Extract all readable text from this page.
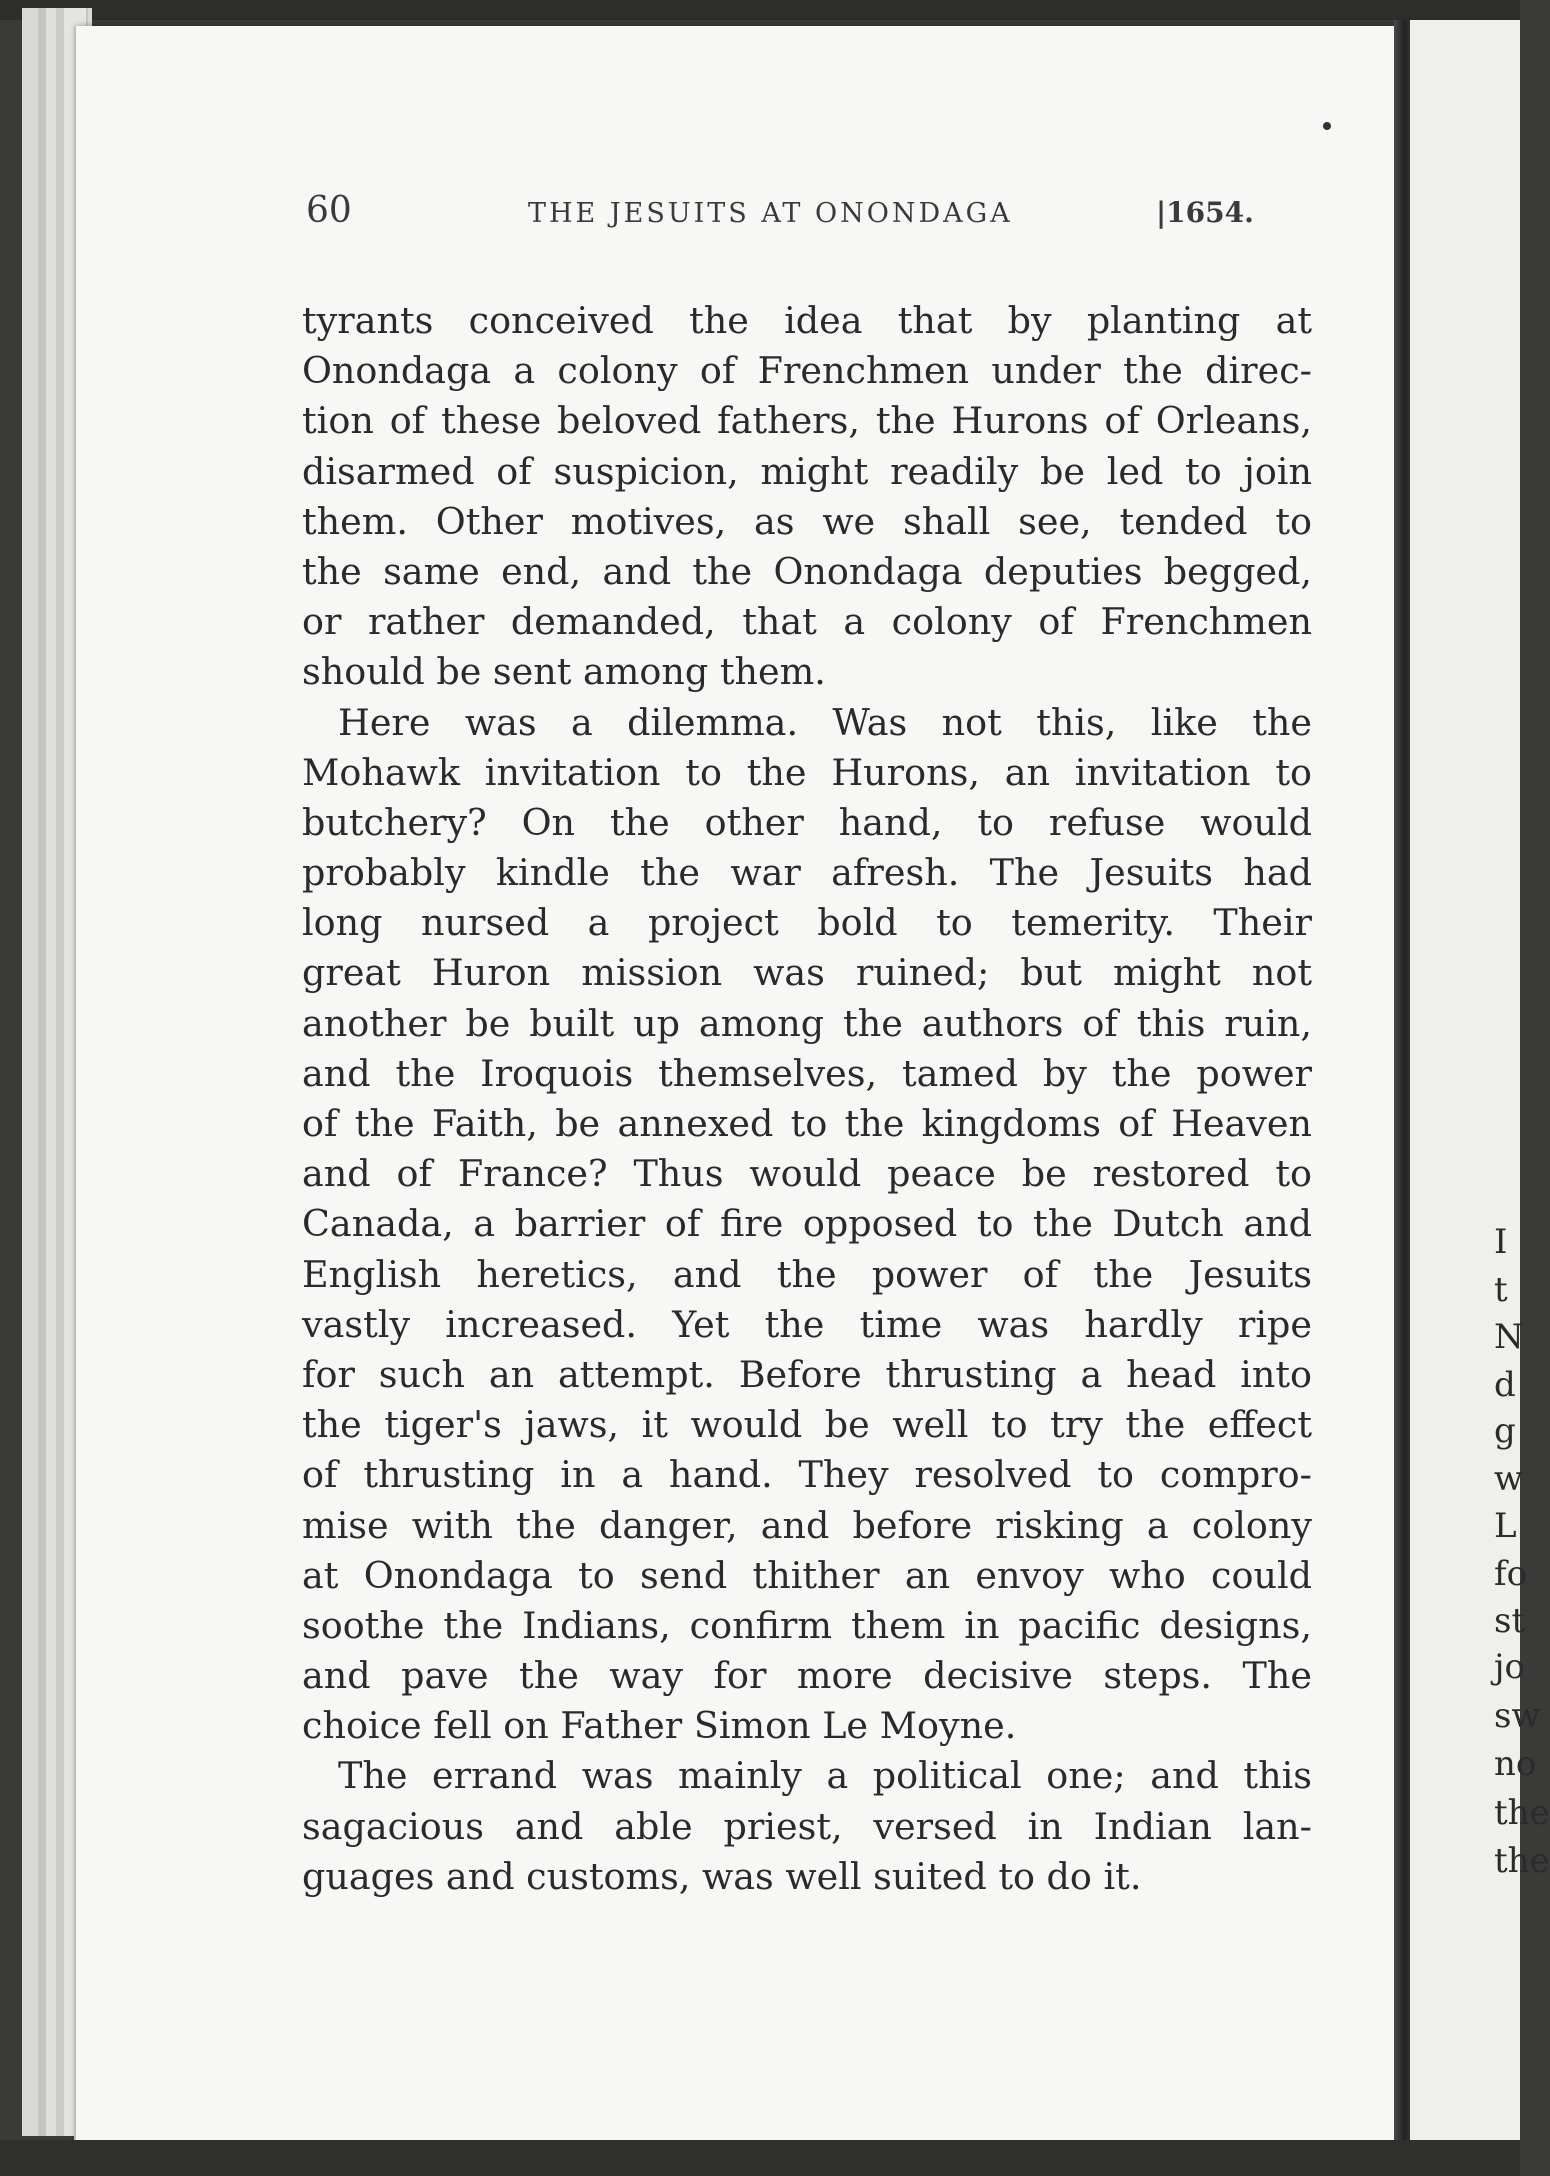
60	THE JESUITS AT ONONDAGA	|1654.
tyrants conceived the idea that by planting at
Onondaga a colony of Frenchmen under the direc-
tion of these beloved fathers, the Hurons of Orleans,
disarmed of suspicion, might readily be led to join
them. Other motives, as we shall see, tended to
the same end, and the Onondaga deputies begged,
or rather demanded, that a colony of Frenchmen
should be sent among them.
Here was a dilemma. Was not this, like the
Mohawk invitation to the Hurons, an invitation to
butchery? On the other hand, to refuse would
probably kindle the war afresh. The Jesuits had
long nursed a project bold to temerity. Their
great Huron mission was ruined; but might not
another be built up among the authors of this ruin,
and the Iroquois themselves, tamed by the power
of the Faith, be annexed to the kingdoms of Heaven
and of France? Thus would peace be restored to
Canada, a barrier of fire opposed to the Dutch and
English heretics, and the power of the Jesuits
vastly increased. Yet the time was hardly ripe
for such an attempt. Before thrusting a head into
the tiger's jaws, it would be well to try the effect
of thrusting in a hand. They resolved to compro-
mise with the danger, and before risking a colony
at Onondaga to send thither an envoy who could
soothe the Indians, confirm them in pacific designs,
and pave the way for more decisive steps. The
choice fell on Father Simon Le Moyne.
The errand was mainly a political one; and this
sagacious and able priest, versed in Indian lan-
guages and customs, was well suited to do it.
I
t
N
d
g
w
L
fo
st
jo
sw
no
the
the
